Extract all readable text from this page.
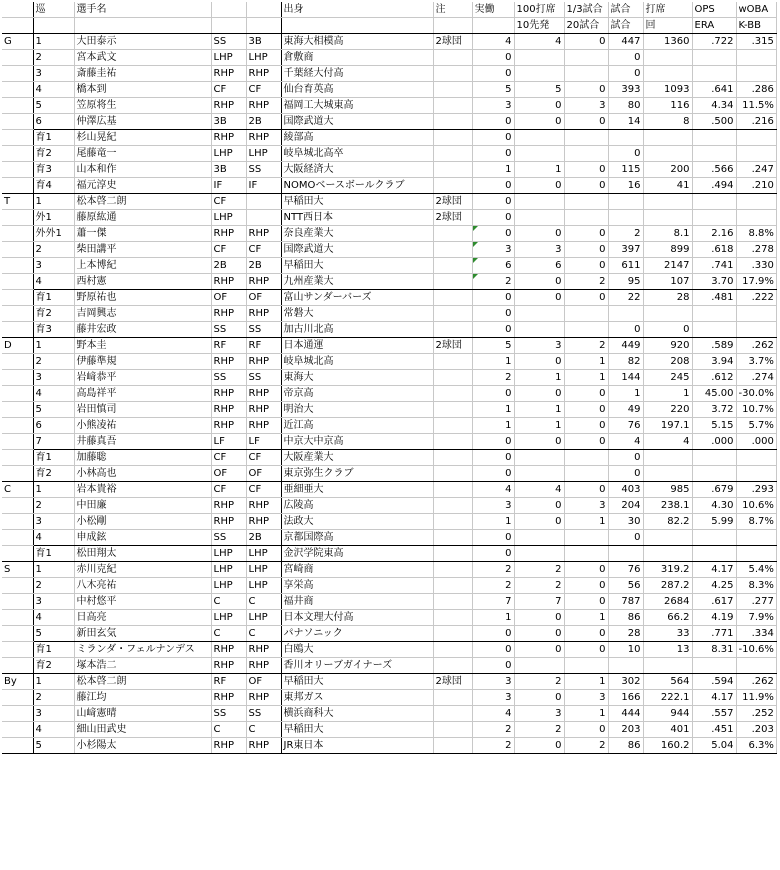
	巡	選手名			出身	注	実働	100打席	1/3試合	試合	打席	OPS	wOBA
								10先発	20試合	試合	回	ERA	K-BB
G	1	大田泰示	SS	3B	東海大相模高	2球団	4	4	0	447	1360	.722	.315
	2	宮本武文	LHP	LHP	倉敷商		0			0			
	3	斎藤圭祐	RHP	RHP	千葉経大付高		0			0			
	4	橋本到	CF	CF	仙台育英高		5	5	0	393	1093	.641	.286
	5	笠原将生	RHP	RHP	福岡工大城東高		3	0	3	80	116	4.34	11.5%
	6	仲澤広基	3B	2B	国際武道大		0	0	0	14	8	.500	.216
	育1	杉山晃紀	RHP	RHP	綾部高		0						
	育2	尾藤竜一	LHP	LHP	岐阜城北高卒		0			0			
	育3	山本和作	3B	SS	大阪経済大		1	1	0	115	200	.566	.247
	育4	福元淳史	IF	IF	NOMOベースボールクラブ		0	0	0	16	41	.494	.210
T	1	松本啓二朗	CF		早稲田大	2球団	0						
	外1	藤原紘通	LHP		NTT西日本	2球団	0						
	外外1	蕭一傑	RHP	RHP	奈良産業大		0	0	0	2	8.1	2.16	8.8%
	2	柴田講平	CF	CF	国際武道大		3	3	0	397	899	.618	.278
	3	上本博紀	2B	2B	早稲田大		6	6	0	611	2147	.741	.330
	4	西村憲	RHP	RHP	九州産業大		2	0	2	95	107	3.70	17.9%
	育1	野原祐也	OF	OF	富山サンダーバーズ		0	0	0	22	28	.481	.222
	育2	吉岡興志	RHP	RHP	常磐大		0						
	育3	藤井宏政	SS	SS	加古川北高		0			0	0		
D	1	野本圭	RF	RF	日本通運	2球団	5	3	2	449	920	.589	.262
	2	伊藤準規	RHP	RHP	岐阜城北高		1	0	1	82	208	3.94	3.7%
	3	岩﨑恭平	SS	SS	東海大		2	1	1	144	245	.612	.274
	4	高島祥平	RHP	RHP	帝京高		0	0	0	1	1	45.00	-30.0%
	5	岩田慎司	RHP	RHP	明治大		1	1	0	49	220	3.72	10.7%
	6	小熊凌祐	RHP	RHP	近江高		1	1	0	76	197.1	5.15	5.7%
	7	井藤真吾	LF	LF	中京大中京高		0	0	0	4	4	.000	.000
	育1	加藤聡	CF	CF	大阪産業大		0			0			
	育2	小林高也	OF	OF	東京弥生クラブ		0			0			
C	1	岩本貴裕	CF	CF	亜細亜大		4	4	0	403	985	.679	.293
	2	中田廉	RHP	RHP	広陵高		3	0	3	204	238.1	4.30	10.6%
	3	小松剛	RHP	RHP	法政大		1	0	1	30	82.2	5.99	8.7%
	4	申成鉉	SS	2B	京都国際高		0			0			
	育1	松田翔太	LHP	LHP	金沢学院東高		0						
S	1	赤川克紀	LHP	LHP	宮崎商		2	2	0	76	319.2	4.17	5.4%
	2	八木亮祐	LHP	LHP	享栄高		2	2	0	56	287.2	4.25	8.3%
	3	中村悠平	C	C	福井商		7	7	0	787	2684	.617	.277
	4	日高亮	LHP	LHP	日本文理大付高		1	0	1	86	66.2	4.19	7.9%
	5	新田玄気	C	C	パナソニック		0	0	0	28	33	.771	.334
	育1	ミランダ・フェルナンデス	RHP	RHP	白鴎大		0	0	0	10	13	8.31	-10.6%
	育2	塚本浩二	RHP	RHP	香川オリーブガイナーズ		0						
By	1	松本啓二朗	RF	OF	早稲田大	2球団	3	2	1	302	564	.594	.262
	2	藤江均	RHP	RHP	東邦ガス		3	0	3	166	222.1	4.17	11.9%
	3	山﨑憲晴	SS	SS	横浜商科大		4	3	1	444	944	.557	.252
	4	細山田武史	C	C	早稲田大		2	2	0	203	401	.451	.203
	5	小杉陽太	RHP	RHP	JR東日本		2	0	2	86	160.2	5.04	6.3%
